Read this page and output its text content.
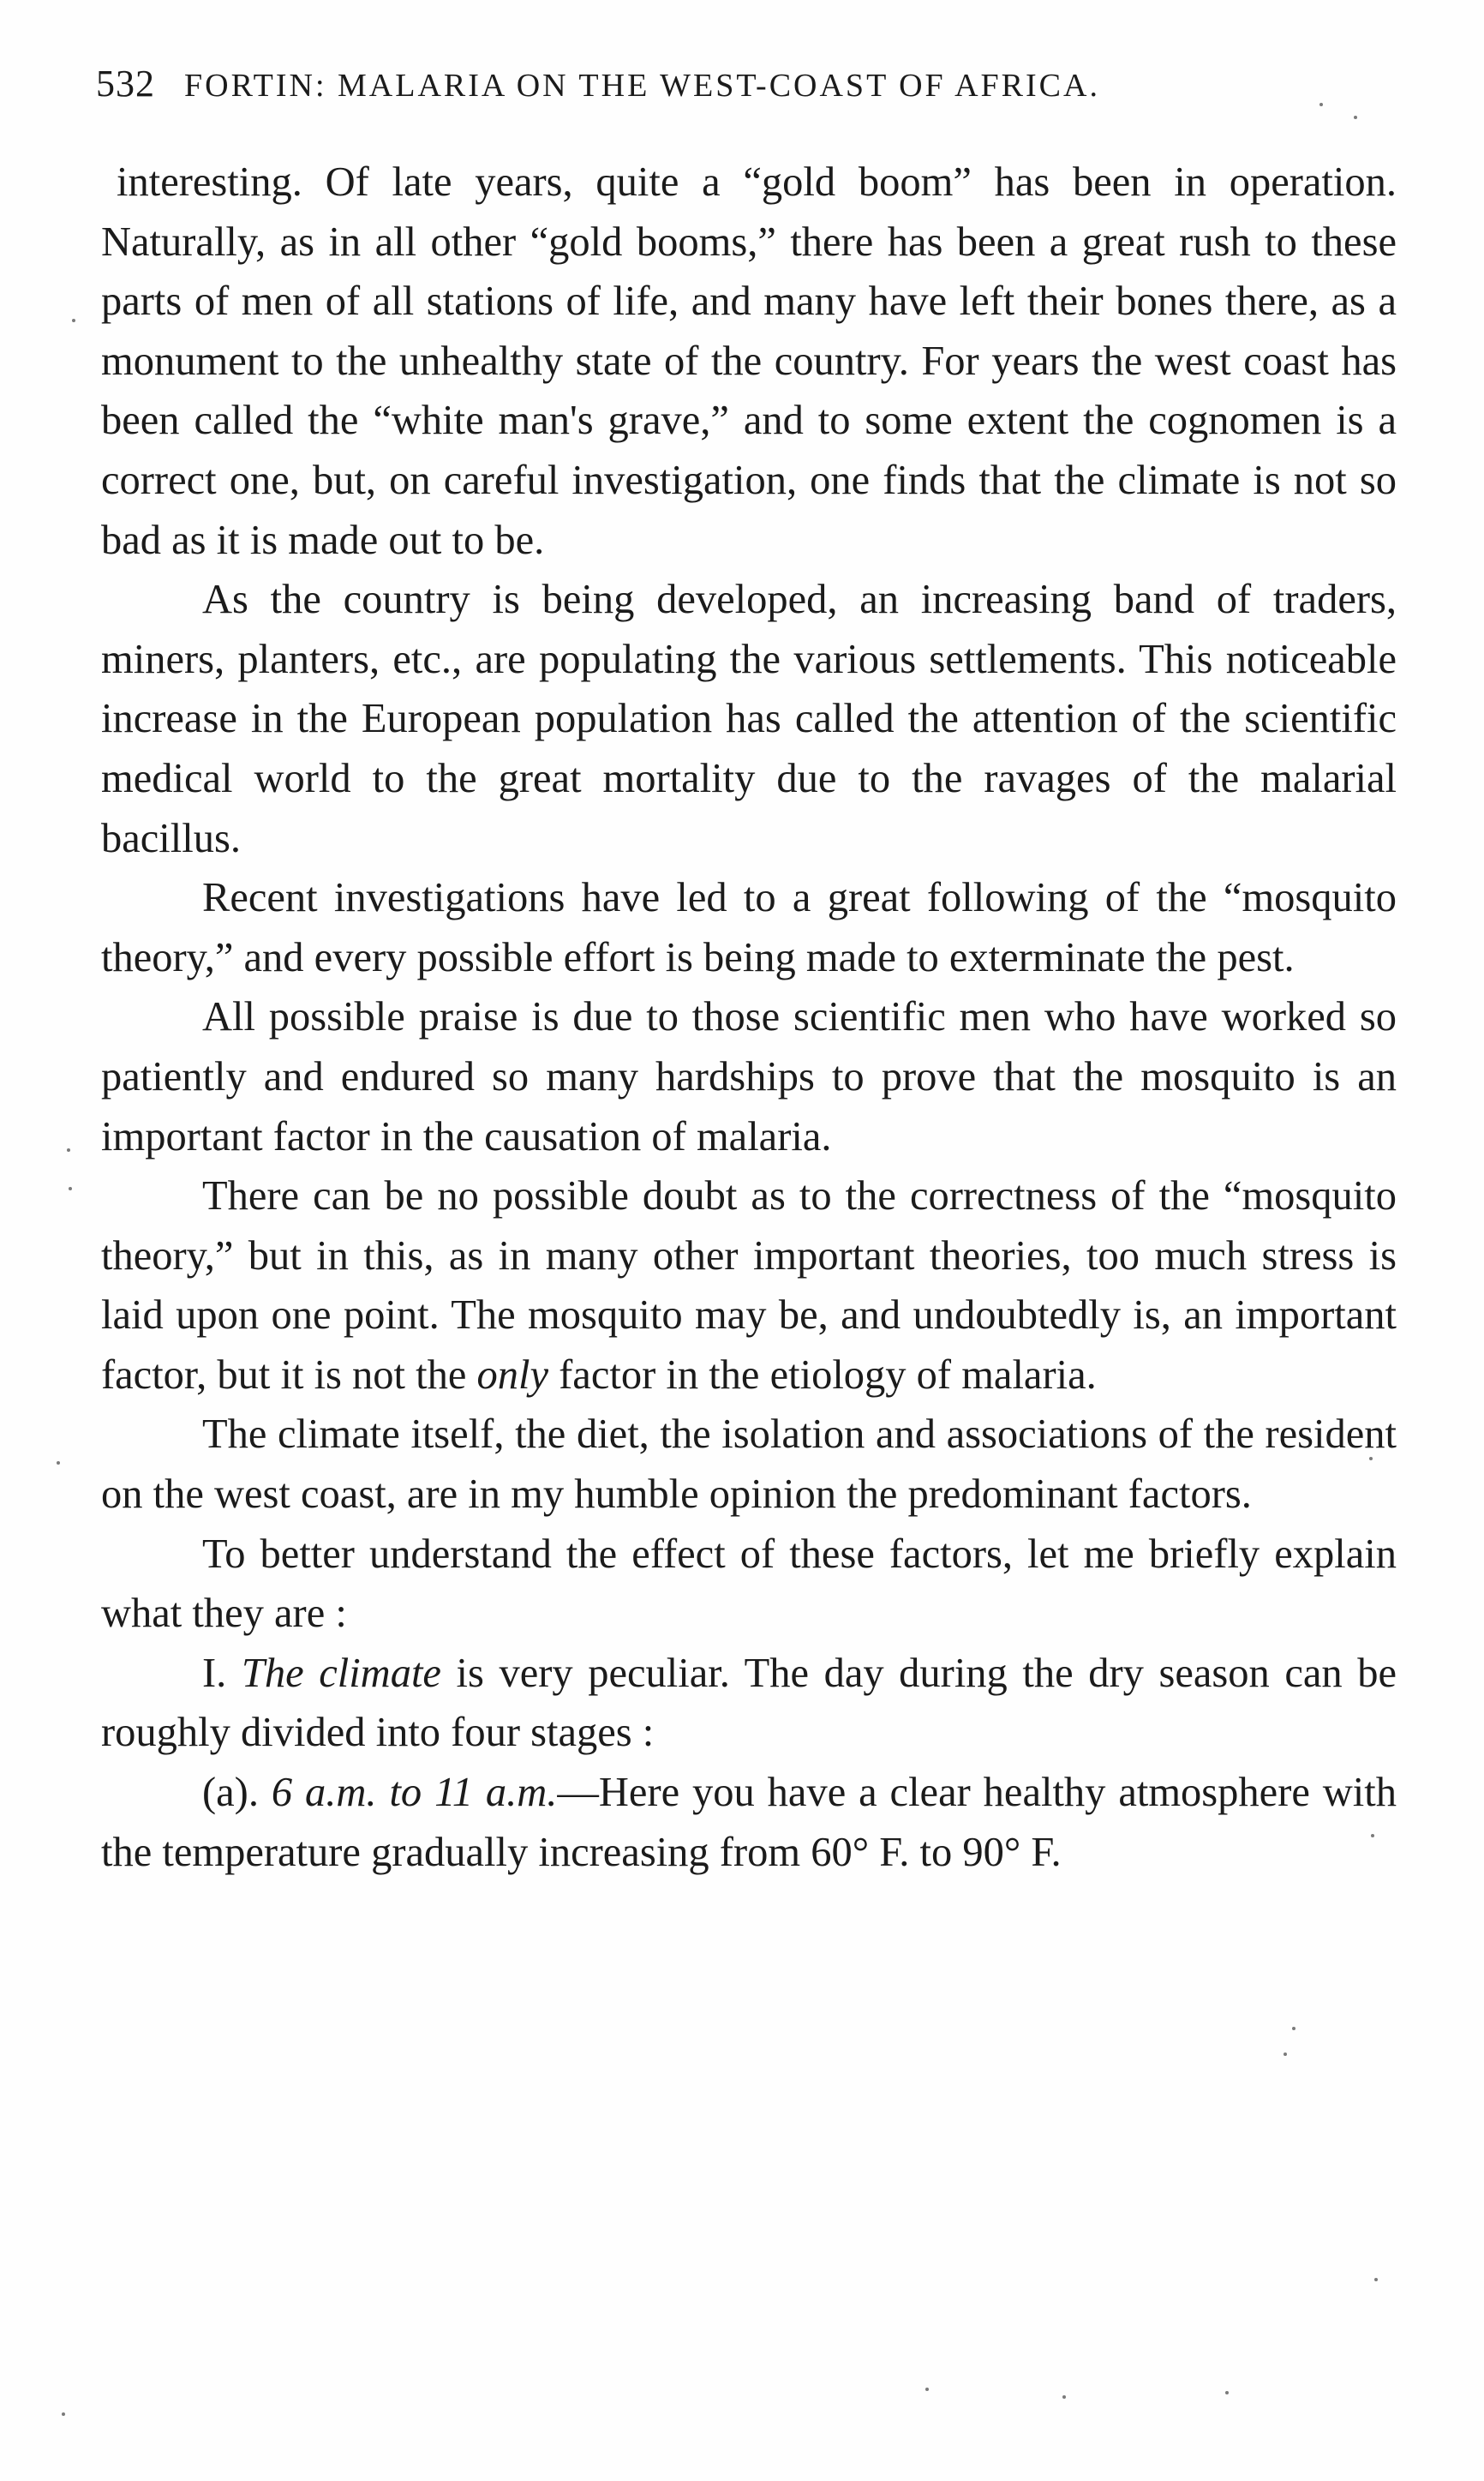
532 FORTIN: MALARIA ON THE WEST-COAST OF AFRICA.

interesting. Of late years, quite a “gold boom” has been in operation. Naturally, as in all other “gold booms,” there has been a great rush to these parts of men of all stations of life, and many have left their bones there, as a monument to the unhealthy state of the country. For years the west coast has been called the “white man's grave,” and to some extent the cognomen is a correct one, but, on careful investigation, one finds that the climate is not so bad as it is made out to be.

As the country is being developed, an increasing band of traders, miners, planters, etc., are populating the various settlements. This noticeable increase in the European population has called the attention of the scientific medical world to the great mortality due to the ravages of the malarial bacillus.

Recent investigations have led to a great following of the “mosquito theory,” and every possible effort is being made to exterminate the pest.

All possible praise is due to those scientific men who have worked so patiently and endured so many hardships to prove that the mosquito is an important factor in the causation of malaria.

There can be no possible doubt as to the correctness of the “mosquito theory,” but in this, as in many other important theories, too much stress is laid upon one point. The mosquito may be, and undoubtedly is, an important factor, but it is not the only factor in the etiology of malaria.

The climate itself, the diet, the isolation and associations of the resident on the west coast, are in my humble opinion the predominant factors.

To better understand the effect of these factors, let me briefly explain what they are :

I. The climate is very peculiar. The day during the dry season can be roughly divided into four stages :

(a). 6 a.m. to 11 a.m.—Here you have a clear healthy atmosphere with the temperature gradually increasing from 60° F. to 90° F.
